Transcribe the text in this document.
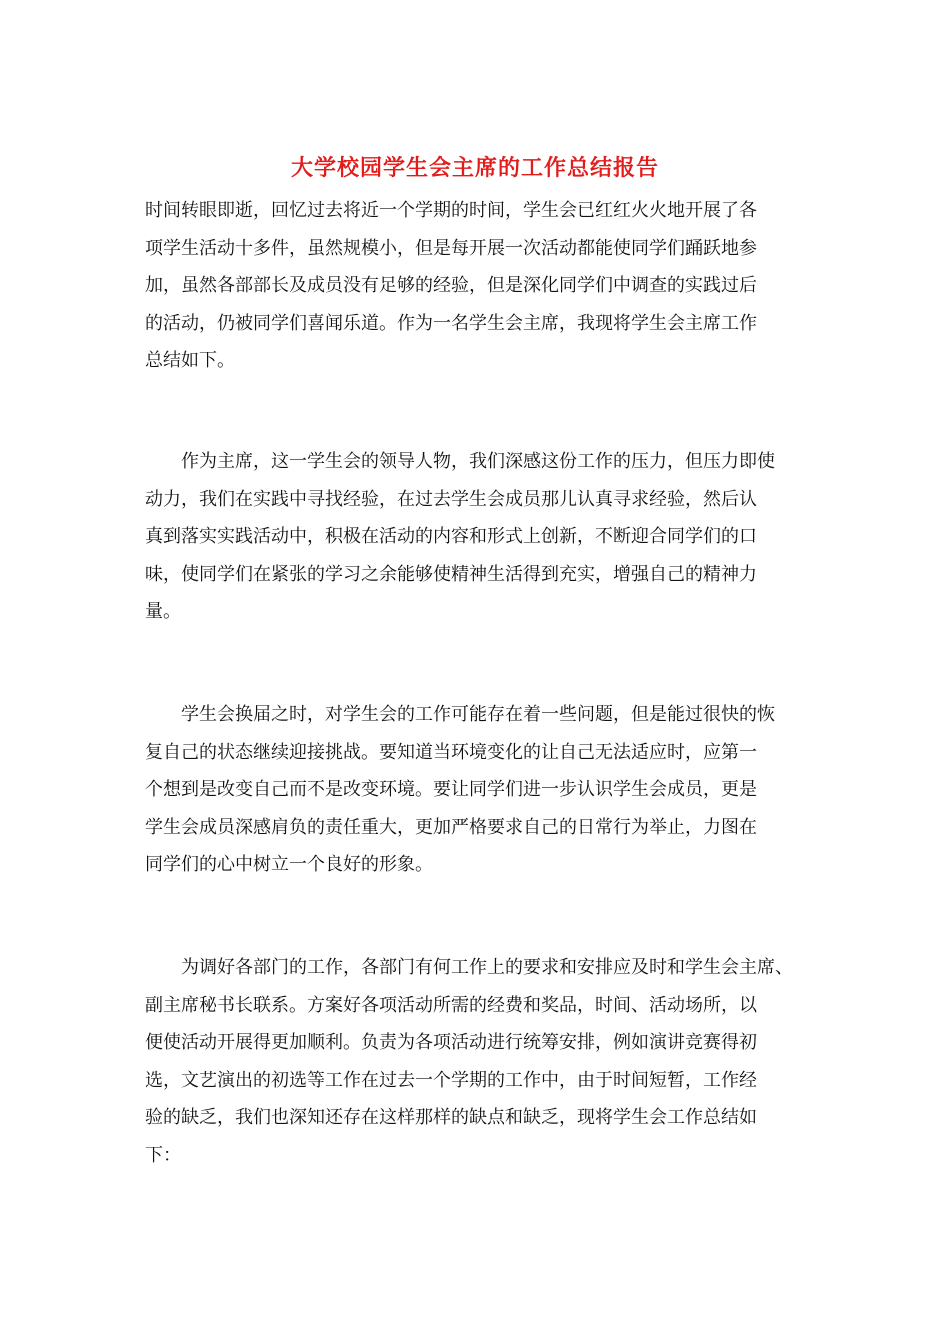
大学校园学生会主席的工作总结报告
时间转眼即逝，回忆过去将近一个学期的时间，学生会已红红火火地开展了各
项学生活动十多件，虽然规模小，但是每开展一次活动都能使同学们踊跃地参
加，虽然各部部长及成员没有足够的经验，但是深化同学们中调查的实践过后
的活动，仍被同学们喜闻乐道。作为一名学生会主席，我现将学生会主席工作
总结如下。
　　作为主席，这一学生会的领导人物，我们深感这份工作的压力，但压力即使
动力，我们在实践中寻找经验，在过去学生会成员那儿认真寻求经验，然后认
真到落实实践活动中，积极在活动的内容和形式上创新，不断迎合同学们的口
味，使同学们在紧张的学习之余能够使精神生活得到充实，增强自己的精神力
量。
　　学生会换届之时，对学生会的工作可能存在着一些问题，但是能过很快的恢
复自己的状态继续迎接挑战。要知道当环境变化的让自己无法适应时，应第一
个想到是改变自己而不是改变环境。要让同学们进一步认识学生会成员，更是
学生会成员深感肩负的责任重大，更加严格要求自己的日常行为举止，力图在
同学们的心中树立一个良好的形象。
　　为调好各部门的工作，各部门有何工作上的要求和安排应及时和学生会主席、
副主席秘书长联系。方案好各项活动所需的经费和奖品，时间、活动场所，以
便使活动开展得更加顺利。负责为各项活动进行统筹安排，例如演讲竞赛得初
选，文艺演出的初选等工作在过去一个学期的工作中，由于时间短暂，工作经
验的缺乏，我们也深知还存在这样那样的缺点和缺乏，现将学生会工作总结如
下：
